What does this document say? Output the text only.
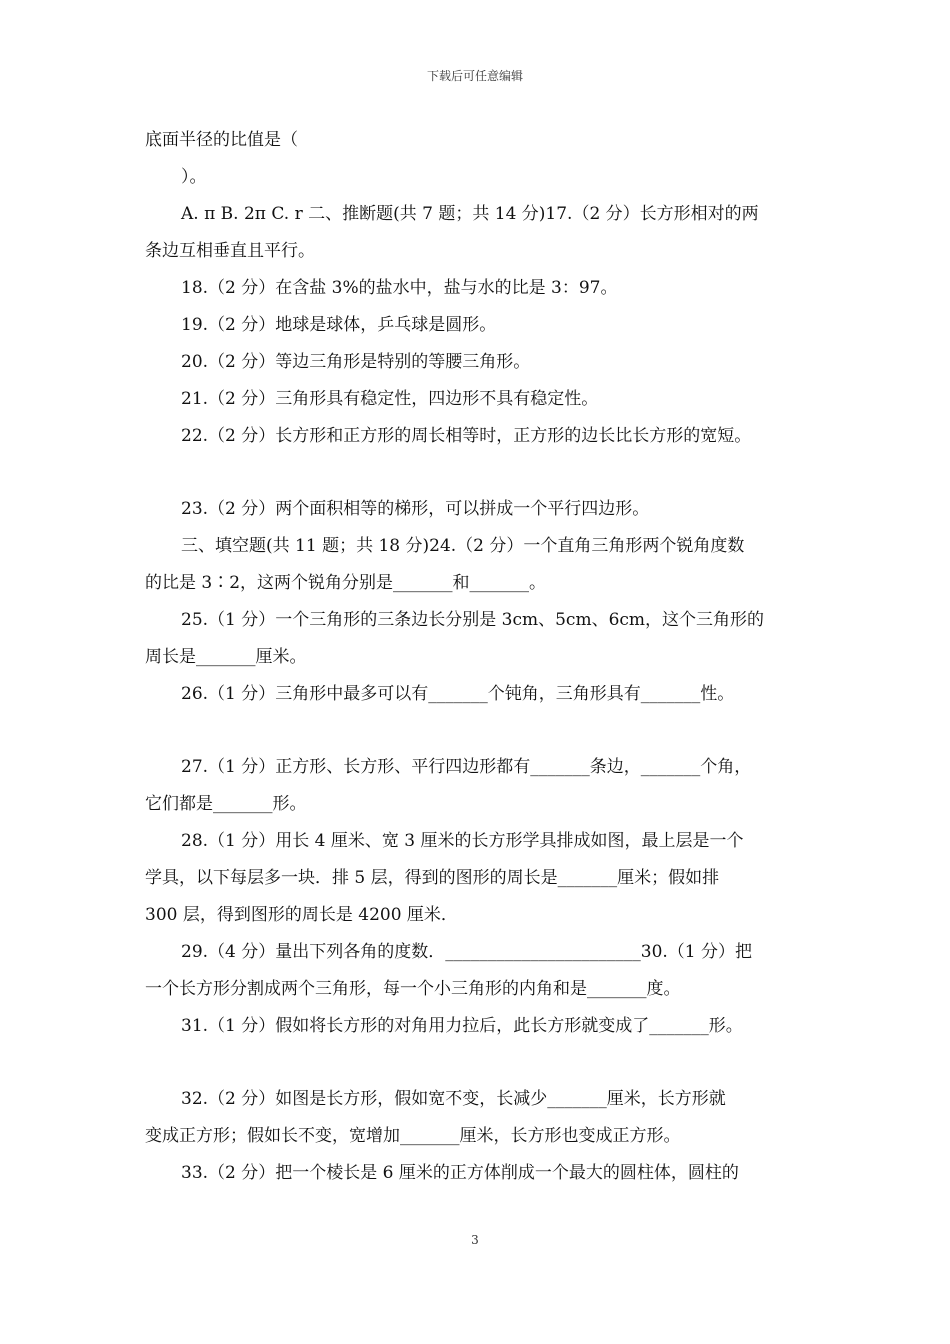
下载后可任意编辑
底面半径的比值是（
）。
A. π B. 2π C. r 二、推断题(共 7 题；共 14 分)17.（2 分）长方形相对的两
条边互相垂直且平行。
18.（2 分）在含盐 3%的盐水中，盐与水的比是 3：97。
19.（2 分）地球是球体，乒乓球是圆形。
20.（2 分）等边三角形是特别的等腰三角形。
21.（2 分）三角形具有稳定性，四边形不具有稳定性。
22.（2 分）长方形和正方形的周长相等时，正方形的边长比长方形的宽短。
23.（2 分）两个面积相等的梯形，可以拼成一个平行四边形。
三、填空题(共 11 题；共 18 分)24.（2 分）一个直角三角形两个锐角度数
的比是 3∶2，这两个锐角分别是_______和_______。
25.（1 分）一个三角形的三条边长分别是 3cm、5cm、6cm，这个三角形的
周长是_______厘米。
26.（1 分）三角形中最多可以有_______个钝角，三角形具有_______性。
27.（1 分）正方形、长方形、平行四边形都有_______条边，_______个角，
它们都是_______形。
28.（1 分）用长 4 厘米、宽 3 厘米的长方形学具排成如图，最上层是一个
学具，以下每层多一块．排 5 层，得到的图形的周长是_______厘米；假如排
300 层，得到图形的周长是 4200 厘米．
29.（4 分）量出下列各角的度数．_______________________30.（1 分）把
一个长方形分割成两个三角形，每一个小三角形的内角和是_______度。
31.（1 分）假如将长方形的对角用力拉后，此长方形就变成了_______形。
32.（2 分）如图是长方形，假如宽不变，长减少_______厘米，长方形就
变成正方形；假如长不变，宽增加_______厘米，长方形也变成正方形。
33.（2 分）把一个棱长是 6 厘米的正方体削成一个最大的圆柱体，圆柱的
3
